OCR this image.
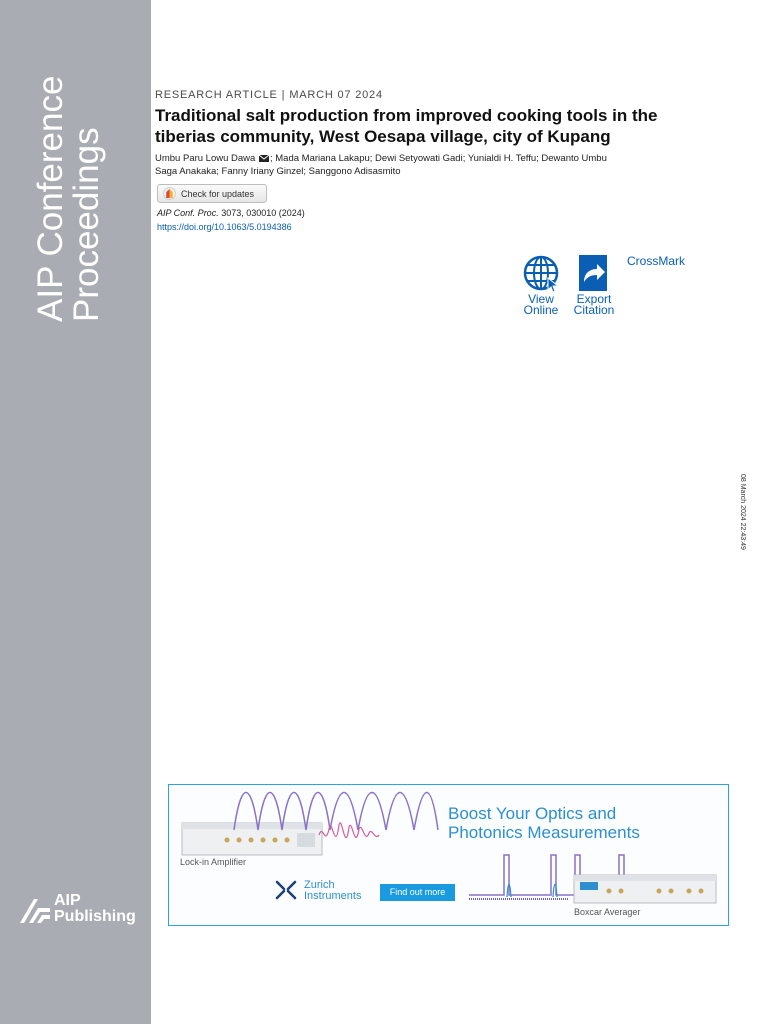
AIP Conference
Proceedings
AIP
Publishing
RESEARCH ARTICLE | MARCH 07 2024
Traditional salt production from improved cooking tools in the tiberias community, West Oesapa village, city of Kupang
Umbu Paru Lowu Dawa ; Mada Mariana Lakapu; Dewi Setyowati Gadi; Yunialdi H. Teffu; Dewanto Umbu Saga Anakaka; Fanny Iriany Ginzel; Sanggono Adisasmito
Check for updates
AIP Conf. Proc. 3073, 030010 (2024)
https://doi.org/10.1063/5.0194386
View
Online
Export
Citation
CrossMark
08 March 2024 22:43:49
Boost Your Optics and
Photonics Measurements
Lock-in Amplifier
Boxcar Averager
Zurich
Instruments	Find out more
